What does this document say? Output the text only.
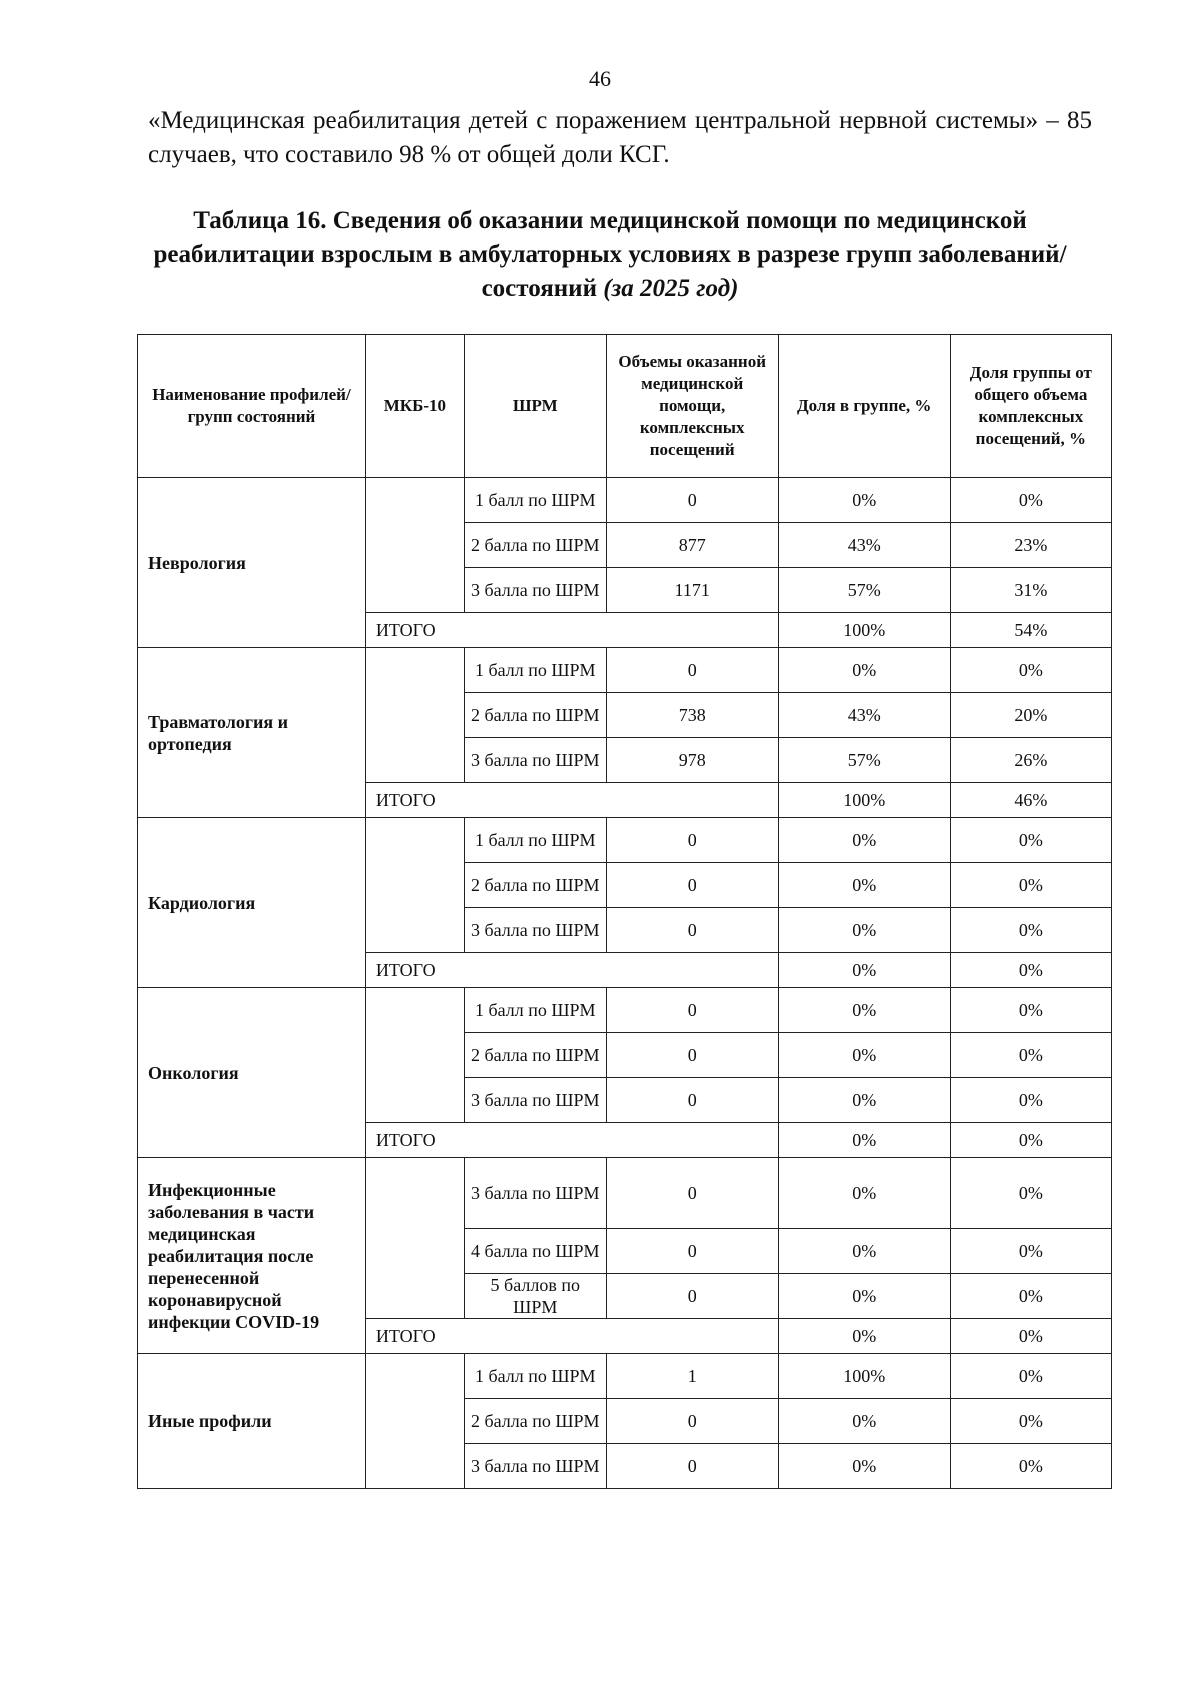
46
«Медицинская реабилитация детей с поражением центральной нервной системы» – 85 случаев, что составило 98 % от общей доли КСГ.
Таблица 16. Сведения об оказании медицинской помощи по медицинской реабилитации взрослым в амбулаторных условиях в разрезе групп заболеваний/состояний (за 2025 год)
Наименование профилей/групп состояний	МКБ-10	ШРМ	Объемы оказанной медицинской помощи, комплексных посещений	Доля в группе, %	Доля группы от общего объема комплексных посещений, %
Неврология		1 балл по ШРМ	0	0%	0%
		2 балла по ШРМ	877	43%	23%
		3 балла по ШРМ	1171	57%	31%
	ИТОГО			100%	54%
Травматология и ортопедия		1 балл по ШРМ	0	0%	0%
		2 балла по ШРМ	738	43%	20%
		3 балла по ШРМ	978	57%	26%
	ИТОГО			100%	46%
Кардиология		1 балл по ШРМ	0	0%	0%
		2 балла по ШРМ	0	0%	0%
		3 балла по ШРМ	0	0%	0%
	ИТОГО			0%	0%
Онкология		1 балл по ШРМ	0	0%	0%
		2 балла по ШРМ	0	0%	0%
		3 балла по ШРМ	0	0%	0%
	ИТОГО			0%	0%
Инфекционные заболевания в части медицинская реабилитация после перенесенной коронавирусной инфекции COVID-19		3 балла по ШРМ	0	0%	0%
		4 балла по ШРМ	0	0%	0%
		5 баллов по ШРМ	0	0%	0%
	ИТОГО			0%	0%
Иные профили		1 балл по ШРМ	1	100%	0%
		2 балла по ШРМ	0	0%	0%
		3 балла по ШРМ	0	0%	0%
